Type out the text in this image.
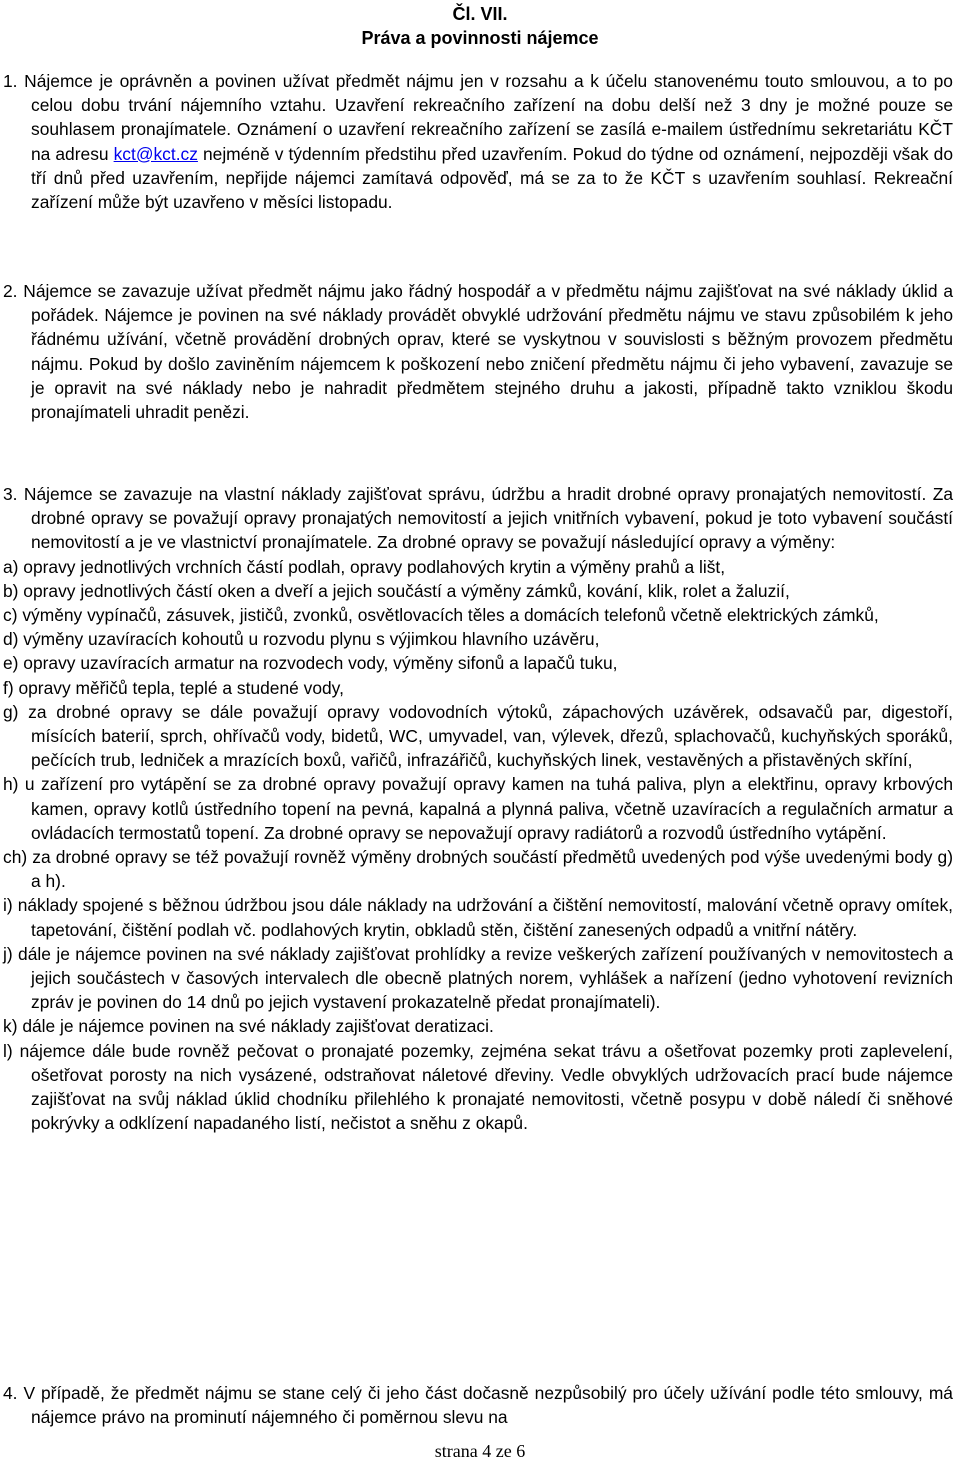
Čl. VII.
Práva a povinnosti nájemce
1. Nájemce je oprávněn a povinen užívat předmět nájmu jen v rozsahu a k účelu stanovenému touto smlouvou, a to po celou dobu trvání nájemního vztahu. Uzavření rekreačního zařízení na dobu delší než 3 dny je možné pouze se souhlasem pronajímatele. Oznámení o uzavření rekreačního zařízení se zasílá e-mailem ústřednímu sekretariátu KČT na adresu kct@kct.cz nejméně v týdenním předstihu před uzavřením. Pokud do týdne od oznámení, nejpozději však do tří dnů před uzavřením, nepřijde nájemci zamítavá odpověď, má se za to že KČT s uzavřením souhlasí. Rekreační zařízení může být uzavřeno v měsíci listopadu.
2. Nájemce se zavazuje užívat předmět nájmu jako řádný hospodář a v předmětu nájmu zajišťovat na své náklady úklid a pořádek. Nájemce je povinen na své náklady provádět obvyklé udržování předmětu nájmu ve stavu způsobilém k jeho řádnému užívání, včetně provádění drobných oprav, které se vyskytnou v souvislosti s běžným provozem předmětu nájmu. Pokud by došlo zaviněním nájemcem k poškození nebo zničení předmětu nájmu či jeho vybavení, zavazuje se je opravit na své náklady nebo je nahradit předmětem stejného druhu a jakosti, případně takto vzniklou škodu pronajímateli uhradit penězi.
3. Nájemce se zavazuje na vlastní náklady zajišťovat správu, údržbu a hradit drobné opravy pronajatých nemovitostí. Za drobné opravy se považují opravy pronajatých nemovitostí a jejich vnitřních vybavení, pokud je toto vybavení součástí nemovitostí a je ve vlastnictví pronajímatele. Za drobné opravy se považují následující opravy a výměny:
a) opravy jednotlivých vrchních částí podlah, opravy podlahových krytin a výměny prahů a lišt,
b) opravy jednotlivých částí oken a dveří a jejich součástí a výměny zámků, kování, klik, rolet a žaluzií,
c) výměny vypínačů, zásuvek, jističů, zvonků, osvětlovacích těles a domácích telefonů včetně elektrických zámků,
d) výměny uzavíracích kohoutů u rozvodu plynu s výjimkou hlavního uzávěru,
e) opravy uzavíracích armatur na rozvodech vody, výměny sifonů a lapačů tuku,
f) opravy měřičů tepla, teplé a studené vody,
g) za drobné opravy se dále považují opravy vodovodních výtoků, zápachových uzávěrek, odsavačů par, digestoří, mísících baterií, sprch, ohřívačů vody, bidetů, WC, umyvadel, van, výlevek, dřezů, splachovačů, kuchyňských sporáků, pečících trub, ledniček a mrazících boxů, vařičů, infrazářičů, kuchyňských linek, vestavěných a přistavěných skříní,
h) u zařízení pro vytápění se za drobné opravy považují opravy kamen na tuhá paliva, plyn a elektřinu, opravy krbových kamen, opravy kotlů ústředního topení na pevná, kapalná a plynná paliva, včetně uzavíracích a regulačních armatur a ovládacích termostatů topení. Za drobné opravy se nepovažují opravy radiátorů a rozvodů ústředního vytápění.
ch) za drobné opravy se též považují rovněž výměny drobných součástí předmětů uvedených pod výše uvedenými body g) a h).
i) náklady spojené s běžnou údržbou jsou dále náklady na udržování a čištění nemovitostí, malování včetně opravy omítek, tapetování, čištění podlah vč. podlahových krytin, obkladů stěn, čištění zanesených odpadů a vnitřní nátěry.
j) dále je nájemce povinen na své náklady zajišťovat prohlídky a revize veškerých zařízení používaných v nemovitostech a jejich součástech v časových intervalech dle obecně platných norem, vyhlášek a nařízení (jedno vyhotovení revizních zpráv je povinen do 14 dnů po jejich vystavení prokazatelně předat pronajímateli).
k) dále je nájemce povinen na své náklady zajišťovat deratizaci.
l) nájemce dále bude rovněž pečovat o pronajaté pozemky, zejména sekat trávu a ošetřovat pozemky proti zaplevelení, ošetřovat porosty na nich vysázené, odstraňovat náletové dřeviny. Vedle obvyklých udržovacích prací bude nájemce zajišťovat na svůj náklad úklid chodníku přilehlého k pronajaté nemovitosti, včetně posypu v době náledí či sněhové pokrývky a odklízení napadaného listí, nečistot a sněhu z okapů.
4. V případě, že předmět nájmu se stane celý či jeho část dočasně nezpůsobilý pro účely užívání podle této smlouvy, má nájemce právo na prominutí nájemného či poměrnou slevu na
strana 4 ze 6
